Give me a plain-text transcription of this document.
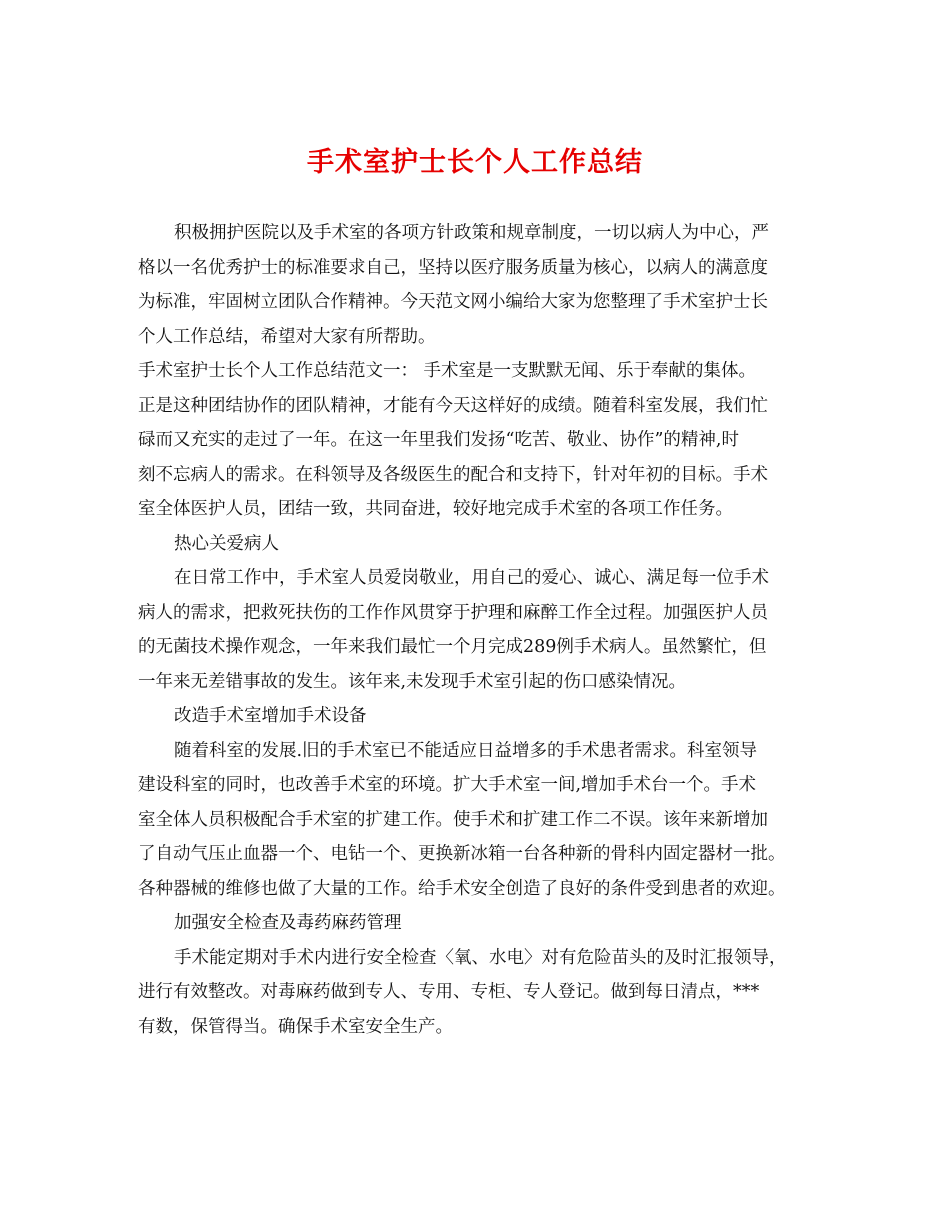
手术室护士长个人工作总结
积极拥护医院以及手术室的各项方针政策和规章制度，一切以病人为中心，严
格以一名优秀护士的标准要求自己，坚持以医疗服务质量为核心，以病人的满意度
为标准，牢固树立团队合作精神。今天范文网小编给大家为您整理了手术室护士长
个人工作总结，希望对大家有所帮助。
手术室护士长个人工作总结范文一： 手术室是一支默默无闻、乐于奉献的集体。
正是这种团结协作的团队精神，才能有今天这样好的成绩。随着科室发展，我们忙
碌而又充实的走过了一年。在这一年里我们发扬“吃苦、敬业、协作”的精神,时
刻不忘病人的需求。在科领导及各级医生的配合和支持下，针对年初的目标。手术
室全体医护人员，团结一致，共同奋进，较好地完成手术室的各项工作任务。
热心关爱病人
在日常工作中，手术室人员爱岗敬业，用自己的爱心、诚心、满足每一位手术
病人的需求，把救死扶伤的工作作风贯穿于护理和麻醉工作全过程。加强医护人员
的无菌技术操作观念，一年来我们最忙一个月完成289例手术病人。虽然繁忙，但
一年来无差错事故的发生。该年来,未发现手术室引起的伤口感染情况。
改造手术室增加手术设备
随着科室的发展.旧的手术室已不能适应日益增多的手术患者需求。科室领导
建设科室的同时，也改善手术室的环境。扩大手术室一间,增加手术台一个。手术
室全体人员积极配合手术室的扩建工作。使手术和扩建工作二不误。该年来新增加
了自动气压止血器一个、电钻一个、更换新冰箱一台各种新的骨科内固定器材一批。
各种器械的维修也做了大量的工作。给手术安全创造了良好的条件受到患者的欢迎。
加强安全检查及毒药麻药管理
手术能定期对手术内进行安全检查〈氧、水电〉对有危险苗头的及时汇报领导，
进行有效整改。对毒麻药做到专人、专用、专柜、专人登记。做到每日清点，***
有数，保管得当。确保手术室安全生产。
